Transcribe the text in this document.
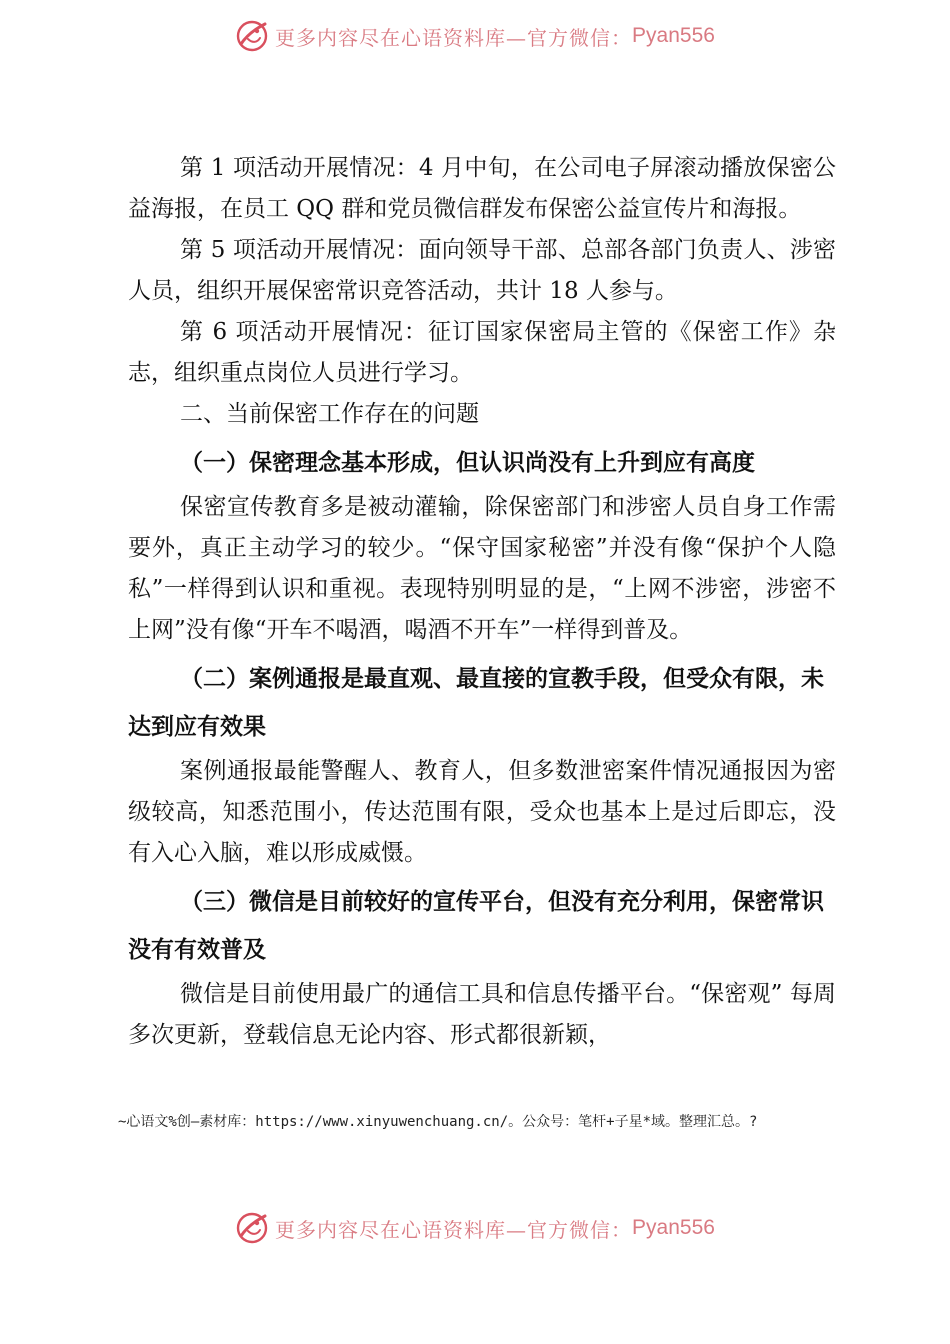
更多内容尽在心语资料库—官方微信： Pyan556

第 1 项活动开展情况：4 月中旬，在公司电子屏滚动播放保密公益海报，在员工 QQ 群和党员微信群发布保密公益宣传片和海报。

第 5 项活动开展情况：面向领导干部、总部各部门负责人、涉密人员，组织开展保密常识竞答活动，共计 18 人参与。

第 6 项活动开展情况：征订国家保密局主管的《保密工作》杂志，组织重点岗位人员进行学习。

二、当前保密工作存在的问题

（一）保密理念基本形成，但认识尚没有上升到应有高度

保密宣传教育多是被动灌输，除保密部门和涉密人员自身工作需要外，真正主动学习的较少。“保守国家秘密”并没有像“保护个人隐私”一样得到认识和重视。表现特别明显的是，“上网不涉密，涉密不上网”没有像“开车不喝酒，喝酒不开车”一样得到普及。

（二）案例通报是最直观、最直接的宣教手段，但受众有限，未达到应有效果

案例通报最能警醒人、教育人，但多数泄密案件情况通报因为密级较高，知悉范围小，传达范围有限，受众也基本上是过后即忘，没有入心入脑，难以形成威慑。

（三）微信是目前较好的宣传平台，但没有充分利用，保密常识没有有效普及

微信是目前使用最广的通信工具和信息传播平台。“保密观” 每周多次更新，登载信息无论内容、形式都很新颖，

~心语文%创—素材库：https://www.xinyuwenchuang.cn/。公众号：笔杆+子星*域。整理汇总。?
更多内容尽在心语资料库—官方微信： Pyan556
